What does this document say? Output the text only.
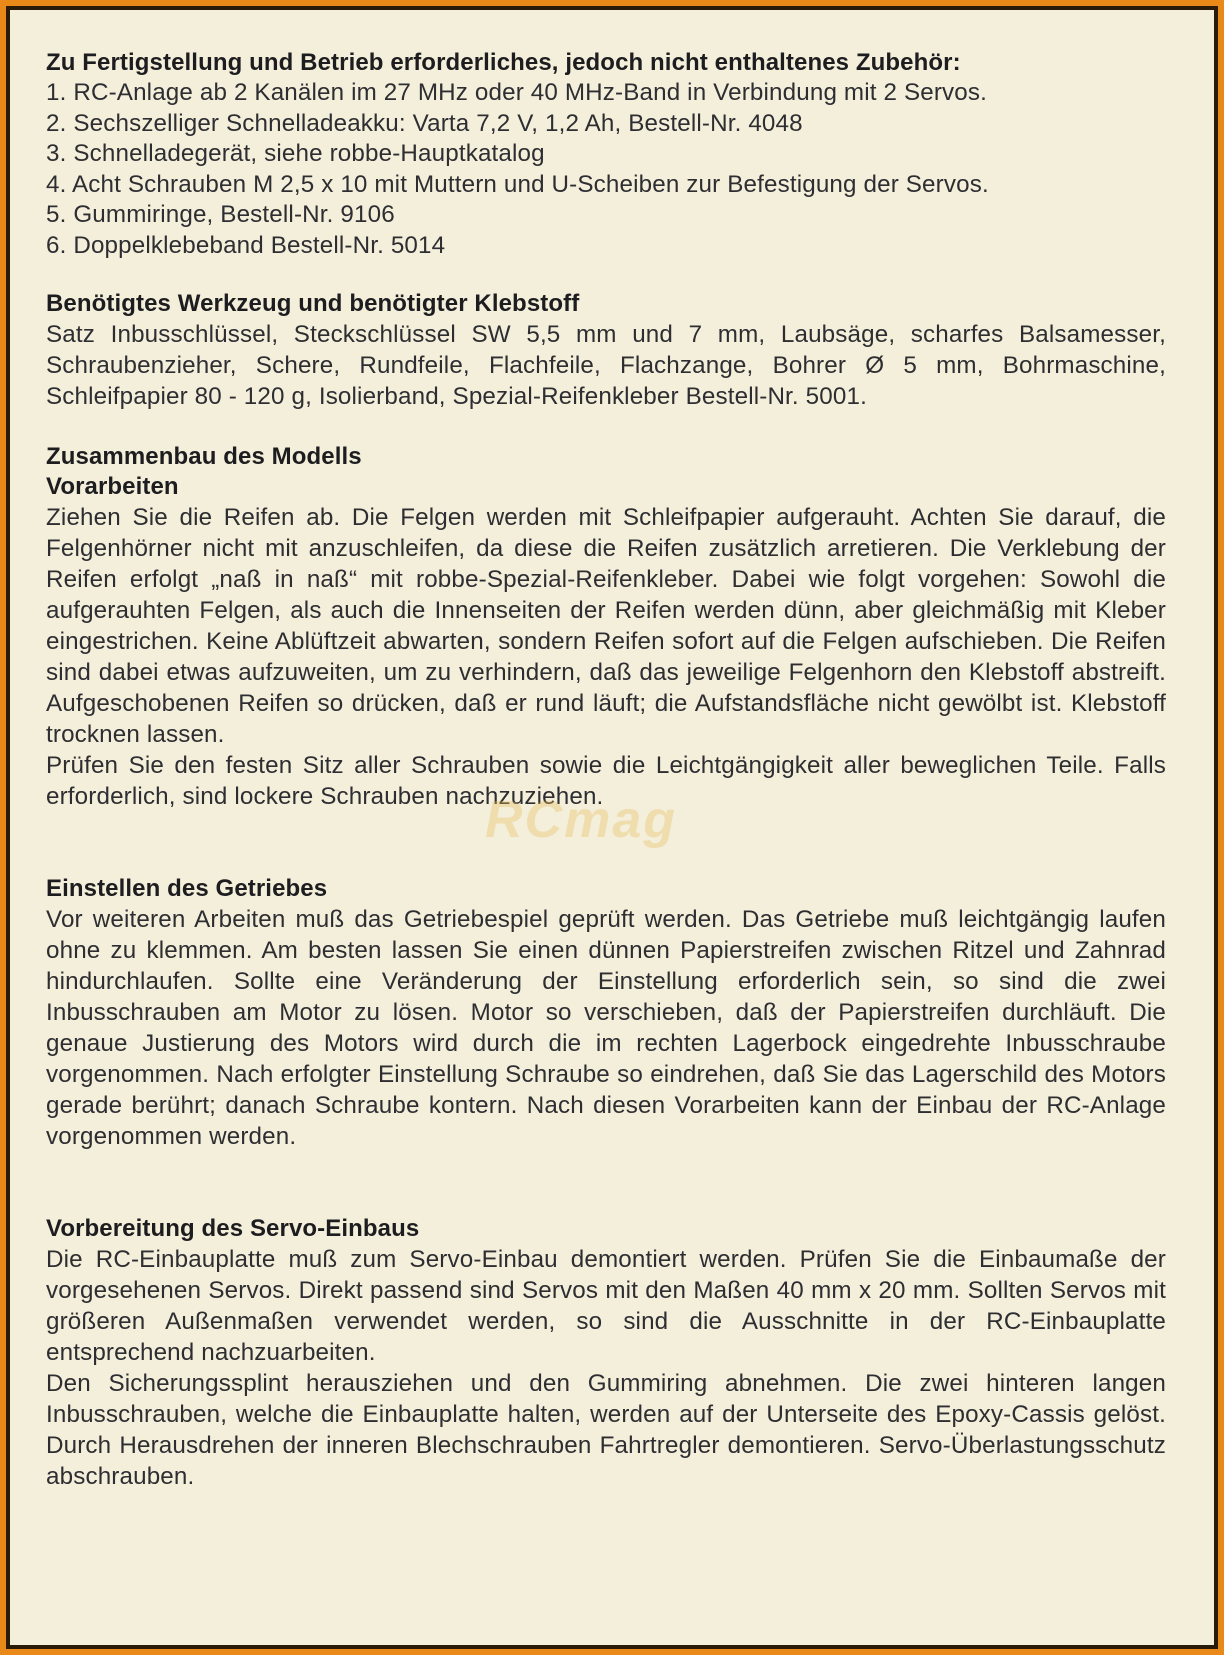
Zu Fertigstellung und Betrieb erforderliches, jedoch nicht enthaltenes Zubehör:

1. RC-Anlage ab 2 Kanälen im 27 MHz oder 40 MHz-Band in Verbindung mit 2 Servos.

2. Sechszelliger Schnelladeakku: Varta 7,2 V, 1,2 Ah, Bestell-Nr. 4048

3. Schnelladegerät, siehe robbe-Hauptkatalog

4. Acht Schrauben M 2,5 x 10 mit Muttern und U-Scheiben zur Befestigung der Servos.

5. Gummiringe, Bestell-Nr. 9106

6. Doppelklebeband Bestell-Nr. 5014

Benötigtes Werkzeug und benötigter Klebstoff

Satz Inbusschlüssel, Steckschlüssel SW 5,5 mm und 7 mm, Laubsäge, scharfes Balsamesser, Schraubenzieher, Schere, Rundfeile, Flachfeile, Flachzange, Bohrer Ø 5 mm, Bohrmaschine, Schleifpapier 80 - 120 g, Isolierband, Spezial-Reifenkleber Bestell-Nr. 5001.

Zusammenbau des Modells
Vorarbeiten

Ziehen Sie die Reifen ab. Die Felgen werden mit Schleifpapier aufgerauht. Achten Sie darauf, die Felgenhörner nicht mit anzuschleifen, da diese die Reifen zusätzlich arretieren. Die Verklebung der Reifen erfolgt „naß in naß“ mit robbe-Spezial-Reifenkleber. Dabei wie folgt vorgehen: Sowohl die aufgerauhten Felgen, als auch die Innenseiten der Reifen werden dünn, aber gleichmäßig mit Kleber eingestrichen. Keine Ablüftzeit abwarten, sondern Reifen sofort auf die Felgen aufschieben. Die Reifen sind dabei etwas aufzuweiten, um zu verhindern, daß das jeweilige Felgenhorn den Klebstoff abstreift. Aufgeschobenen Reifen so drücken, daß er rund läuft; die Aufstandsfläche nicht gewölbt ist. Klebstoff trocknen lassen.

Prüfen Sie den festen Sitz aller Schrauben sowie die Leichtgängigkeit aller beweglichen Teile. Falls erforderlich, sind lockere Schrauben nachzuziehen.

Einstellen des Getriebes

Vor weiteren Arbeiten muß das Getriebespiel geprüft werden. Das Getriebe muß leichtgängig laufen ohne zu klemmen. Am besten lassen Sie einen dünnen Papierstreifen zwischen Ritzel und Zahnrad hindurchlaufen. Sollte eine Veränderung der Einstellung erforderlich sein, so sind die zwei Inbusschrauben am Motor zu lösen. Motor so verschieben, daß der Papierstreifen durchläuft. Die genaue Justierung des Motors wird durch die im rechten Lagerbock eingedrehte Inbusschraube vorgenommen. Nach erfolgter Einstellung Schraube so eindrehen, daß Sie das Lagerschild des Motors gerade berührt; danach Schraube kontern. Nach diesen Vorarbeiten kann der Einbau der RC-Anlage vorgenommen werden.

Vorbereitung des Servo-Einbaus

Die RC-Einbauplatte muß zum Servo-Einbau demontiert werden. Prüfen Sie die Einbaumaße der vorgesehenen Servos. Direkt passend sind Servos mit den Maßen 40 mm x 20 mm. Sollten Servos mit größeren Außenmaßen verwendet werden, so sind die Ausschnitte in der RC-Einbauplatte entsprechend nachzuarbeiten.

Den Sicherungssplint herausziehen und den Gummiring abnehmen. Die zwei hinteren langen Inbusschrauben, welche die Einbauplatte halten, werden auf der Unterseite des Epoxy-Cassis gelöst. Durch Herausdrehen der inneren Blechschrauben Fahrtregler demontieren. Servo-Überlastungsschutz abschrauben.

RCmag
